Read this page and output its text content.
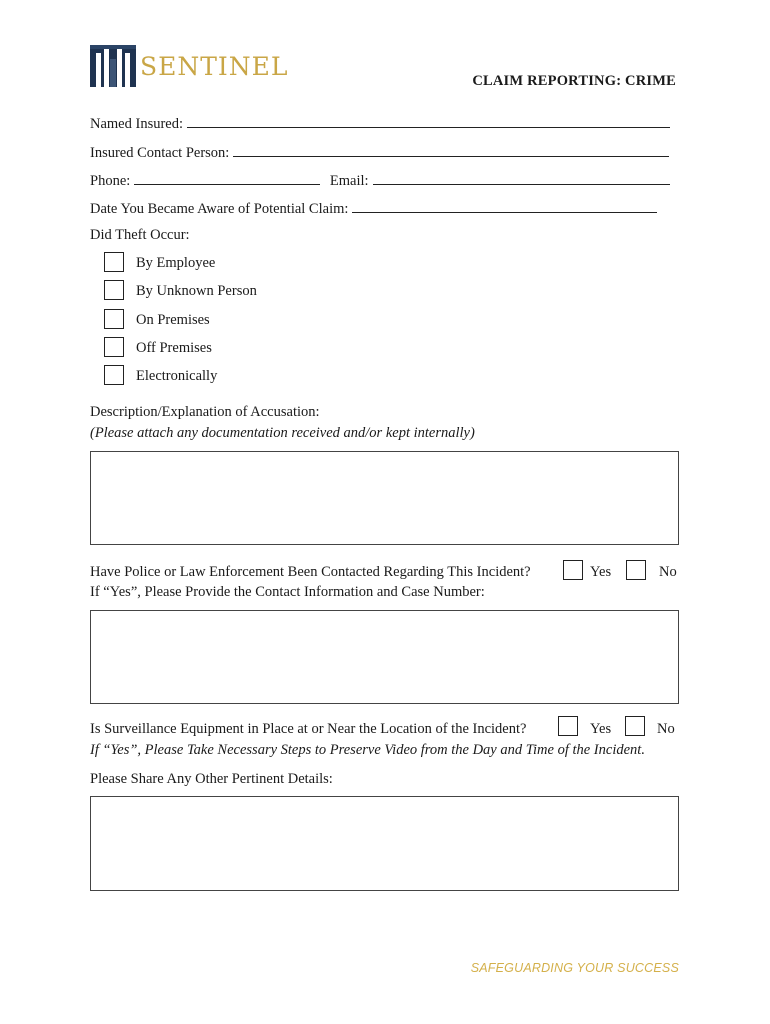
SENTINEL	CLAIM REPORTING: CRIME
Named Insured:
Insured Contact Person:
Phone:	Email:
Date You Became Aware of Potential Claim:
Did Theft Occur:
By Employee
By Unknown Person
On Premises
Off Premises
Electronically
Description/Explanation of Accusation:
(Please attach any documentation received and/or kept internally)
Have Police or Law Enforcement Been Contacted Regarding This Incident?	Yes	No
If “Yes”, Please Provide the Contact Information and Case Number:
Is Surveillance Equipment in Place at or Near the Location of the Incident?	Yes	No
If “Yes”, Please Take Necessary Steps to Preserve Video from the Day and Time of the Incident.
Please Share Any Other Pertinent Details:
SAFEGUARDING YOUR SUCCESS
